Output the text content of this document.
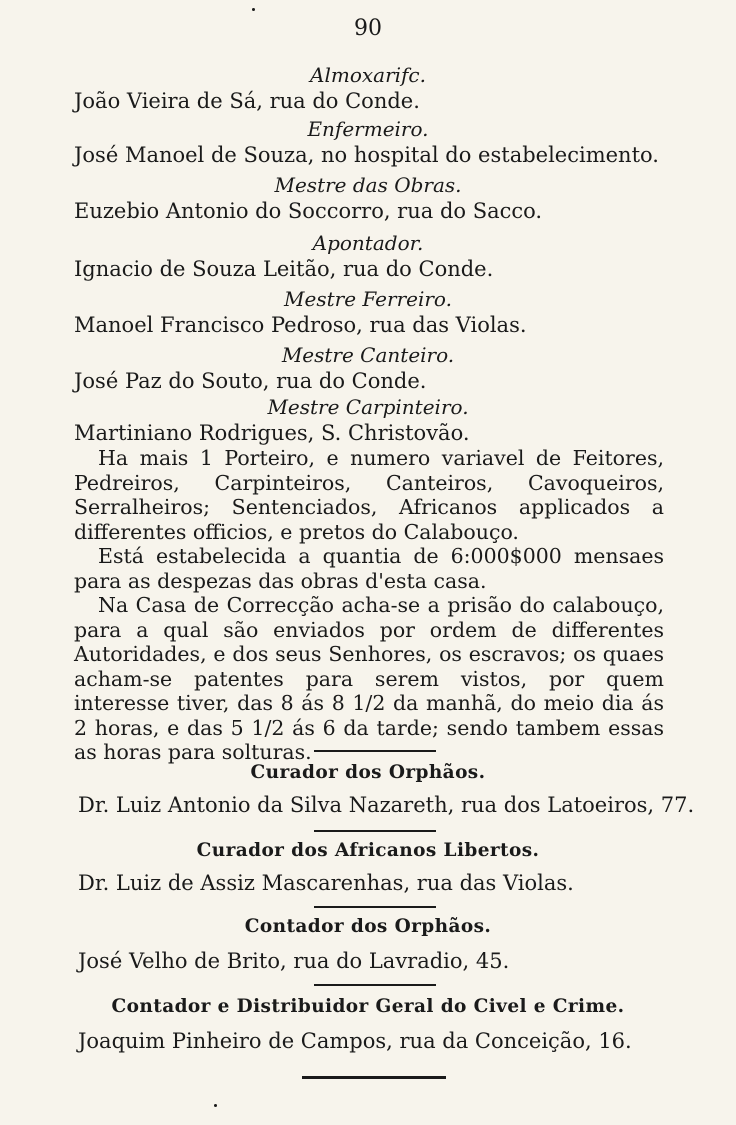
90
Almoxarifc.
João Vieira de Sá, rua do Conde.
Enfermeiro.
José Manoel de Souza, no hospital do estabelecimento.
Mestre das Obras.
Euzebio Antonio do Soccorro, rua do Sacco.
Apontador.
Ignacio de Souza Leitão, rua do Conde.
Mestre Ferreiro.
Manoel Francisco Pedroso, rua das Violas.
Mestre Canteiro.
José Paz do Souto, rua do Conde.
Mestre Carpinteiro.
Martiniano Rodrigues, S. Christovão.

Ha mais 1 Porteiro, e numero variavel de Feitores, Pedreiros, Carpinteiros, Canteiros, Cavoqueiros, Serralheiros; Sentenciados, Africanos applicados a differentes officios, e pretos do Calabouço.

Está estabelecida a quantia de 6:000$000 mensaes para as despezas das obras d'esta casa.

Na Casa de Correcção acha-se a prisão do calabouço, para a qual são enviados por ordem de differentes Autoridades, e dos seus Senhores, os escravos; os quaes acham-se patentes para serem vistos, por quem interesse tiver, das 8 ás 8 1/2 da manhã, do meio dia ás 2 horas, e das 5 1/2 ás 6 da tarde; sendo tambem essas as horas para solturas.

Curador dos Orphãos.
Dr. Luiz Antonio da Silva Nazareth, rua dos Latoeiros, 77.
Curador dos Africanos Libertos.
Dr. Luiz de Assiz Mascarenhas, rua das Violas.
Contador dos Orphãos.
José Velho de Brito, rua do Lavradio, 45.
Contador e Distribuidor Geral do Civel e Crime.
Joaquim Pinheiro de Campos, rua da Conceição, 16.
